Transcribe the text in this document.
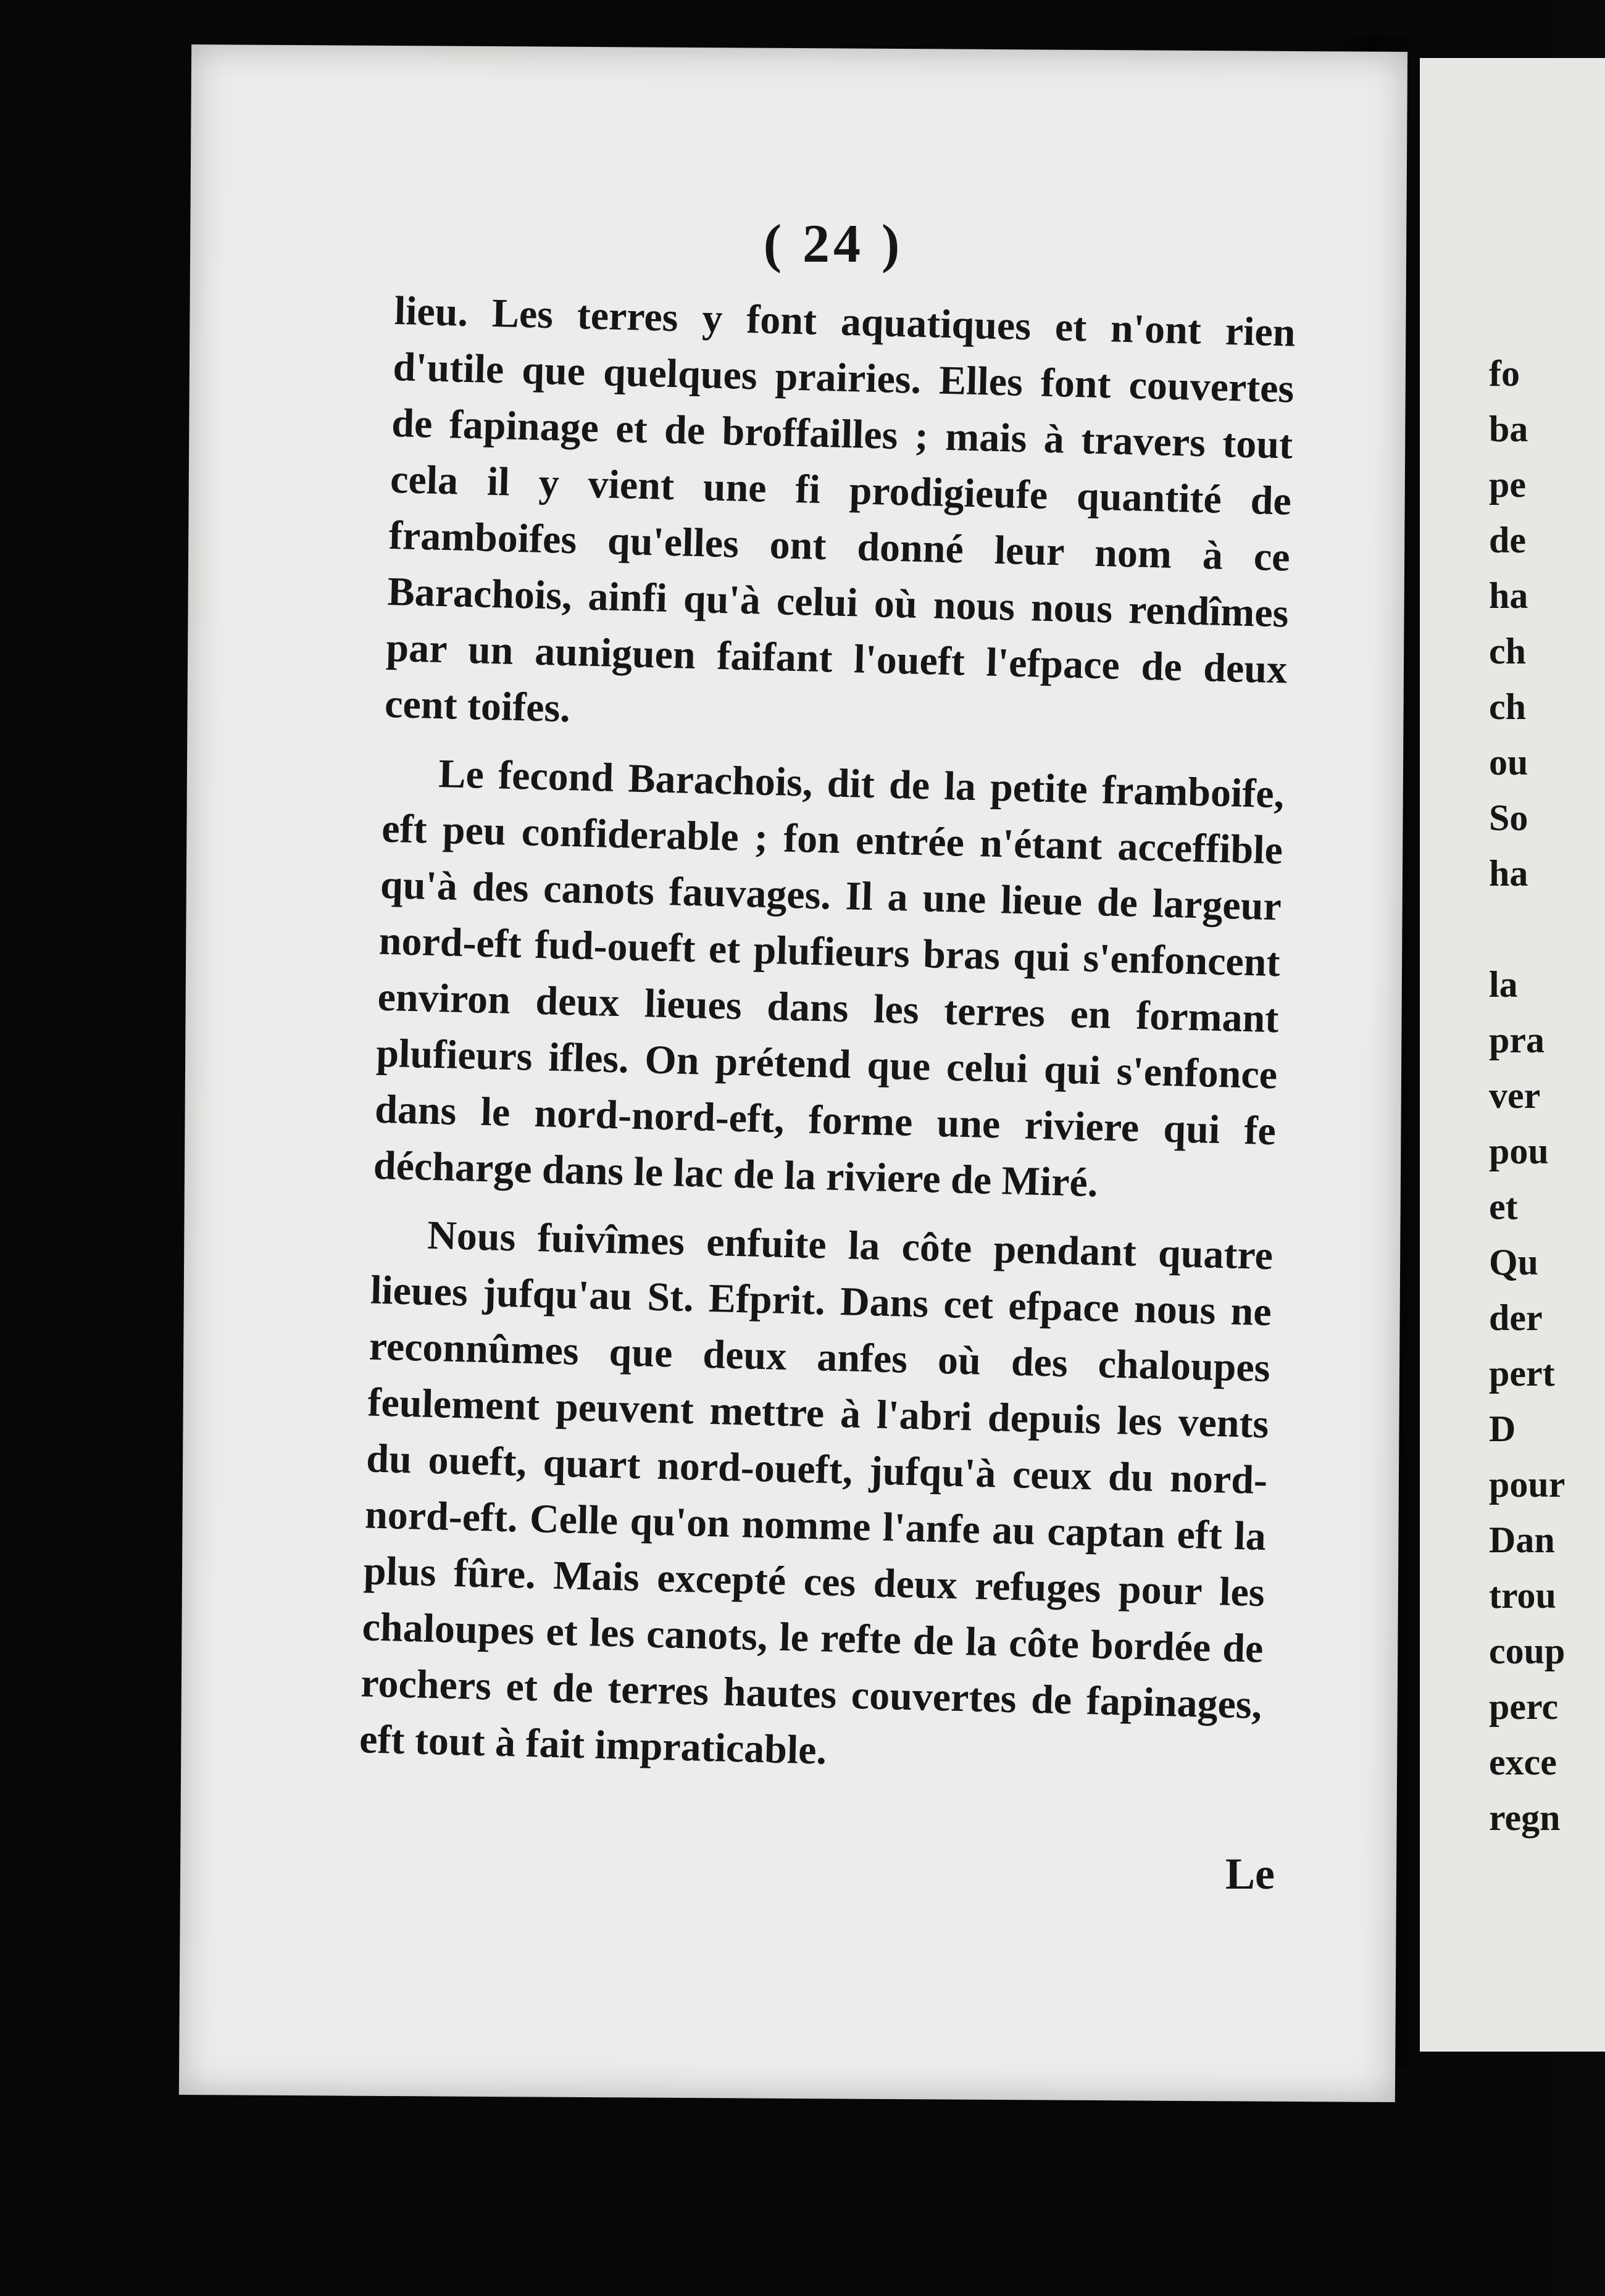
fo
ba
pe
de
ha
ch
ch
ou
So
ha
la
pra
ver
pou
et
Qu
der
pert
D
pour
Dan
trou
coup
perc
exce
regn
( 24 )

lieu. Les terres y font aquatiques et n'ont rien d'utile que quelques prairies. Elles font couvertes de fapinage et de broffailles ; mais à travers tout cela il y vient une fi prodigieufe quantité de framboifes qu'elles ont donné leur nom à ce Barachois, ainfi qu'à celui où nous nous rendîmes par un auniguen faifant l'oueft l'efpace de deux cent toifes.

Le fecond Barachois, dit de la petite framboife, eft peu confiderable ; fon entrée n'étant acceffible qu'à des canots fauvages. Il a une lieue de largeur nord-eft fud-oueft et plufieurs bras qui s'enfoncent environ deux lieues dans les terres en formant plufieurs ifles. On prétend que celui qui s'enfonce dans le nord-nord-eft, forme une riviere qui fe décharge dans le lac de la riviere de Miré.

Nous fuivîmes enfuite la côte pendant quatre lieues jufqu'au St. Efprit. Dans cet efpace nous ne reconnûmes que deux anfes où des chaloupes feulement peuvent mettre à l'abri depuis les vents du oueft, quart nord-oueft, jufqu'à ceux du nord-nord-eft. Celle qu'on nomme l'anfe au captan eft la plus fûre. Mais excepté ces deux refuges pour les chaloupes et les canots, le refte de la côte bordée de rochers et de terres hautes couvertes de fapinages, eft tout à fait impraticable.

Le
